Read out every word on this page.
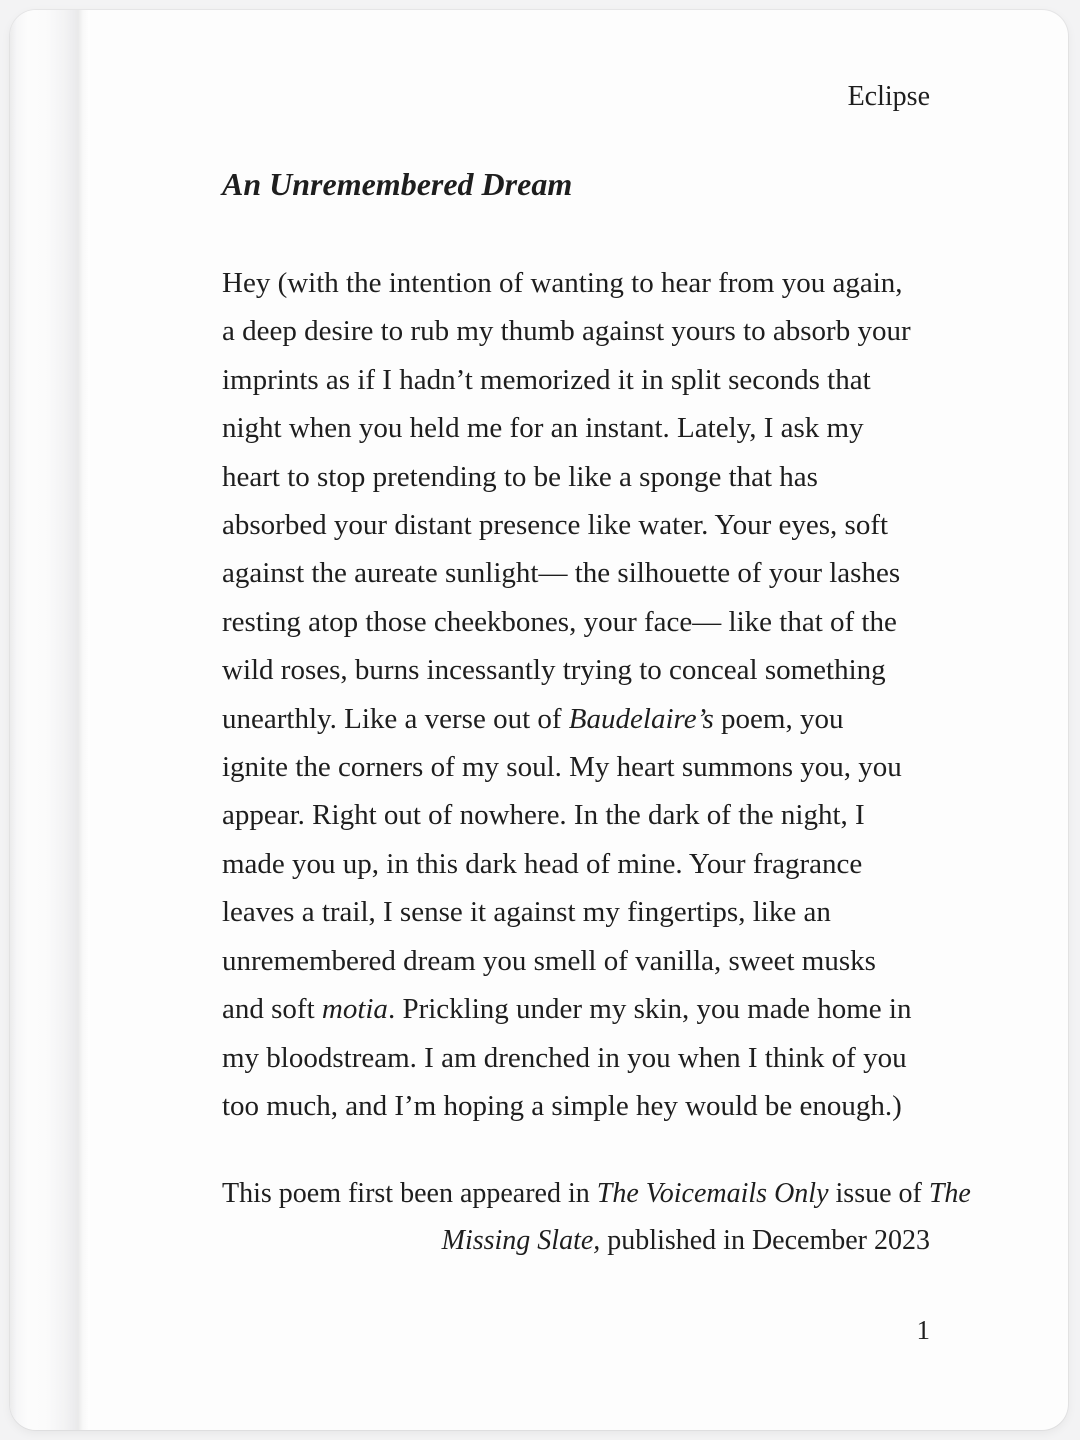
Eclipse
An Unremembered Dream
Hey (with the intention of wanting to hear from you again,
a deep desire to rub my thumb against yours to absorb your
imprints as if I hadn’t memorized it in split seconds that
night when you held me for an instant. Lately, I ask my
heart to stop pretending to be like a sponge that has
absorbed your distant presence like water. Your eyes, soft
against the aureate sunlight— the silhouette of your lashes
resting atop those cheekbones, your face— like that of the
wild roses, burns incessantly trying to conceal something
unearthly. Like a verse out of Baudelaire’s poem, you
ignite the corners of my soul. My heart summons you, you
appear. Right out of nowhere. In the dark of the night, I
made you up, in this dark head of mine. Your fragrance
leaves a trail, I sense it against my fingertips, like an
unremembered dream you smell of vanilla, sweet musks
and soft motia. Prickling under my skin, you made home in
my bloodstream. I am drenched in you when I think of you
too much, and I’m hoping a simple hey would be enough.)
This poem first been appeared in The Voicemails Only issue of The
Missing Slate, published in December 2023
1
